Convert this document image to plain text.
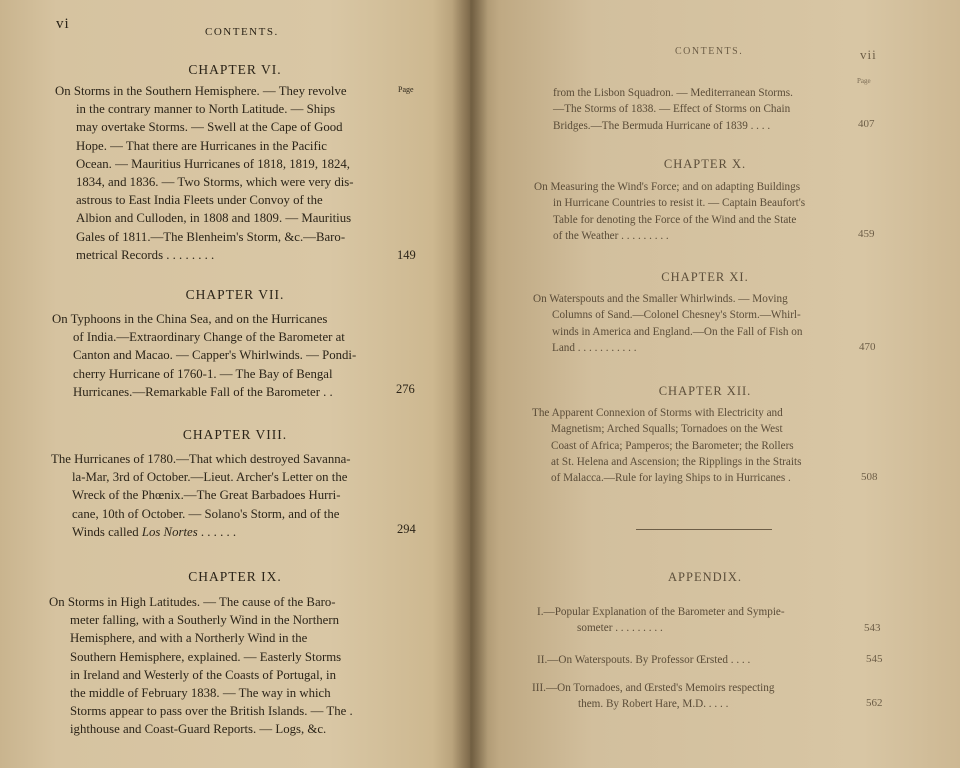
vi	CONTENTS.
Page
CHAPTER VI.
On Storms in the Southern Hemisphere. — They revolve
in the contrary manner to North Latitude. — Ships
may overtake Storms. — Swell at the Cape of Good
Hope. — That there are Hurricanes in the Pacific
Ocean. — Mauritius Hurricanes of 1818, 1819, 1824,
1834, and 1836. — Two Storms, which were very dis-
astrous to East India Fleets under Convoy of the
Albion and Culloden, in 1808 and 1809. — Mauritius
Gales of 1811.—The Blenheim's Storm, &c.—Baro-
metrical Records . . . . . . . .	149
CHAPTER VII.
On Typhoons in the China Sea, and on the Hurricanes
of India.—Extraordinary Change of the Barometer at
Canton and Macao. — Capper's Whirlwinds. — Pondi-
cherry Hurricane of 1760-1. — The Bay of Bengal
Hurricanes.—Remarkable Fall of the Barometer . .	276
CHAPTER VIII.
The Hurricanes of 1780.—That which destroyed Savanna-
la-Mar, 3rd of October.—Lieut. Archer's Letter on the
Wreck of the Phœnix.—The Great Barbadoes Hurri-
cane, 10th of October. — Solano's Storm, and of the
Winds called Los Nortes . . . . . .	294
CHAPTER IX.
On Storms in High Latitudes. — The cause of the Baro-
meter falling, with a Southerly Wind in the Northern
Hemisphere, and with a Northerly Wind in the
Southern Hemisphere, explained. — Easterly Storms
in Ireland and Westerly of the Coasts of Portugal, in
the middle of February 1838. — The way in which
Storms appear to pass over the British Islands. — The .
ighthouse and Coast-Guard Reports. — Logs, &c.
CONTENTS.	vii
Page
from the Lisbon Squadron. — Mediterranean Storms.
—The Storms of 1838. — Effect of Storms on Chain
Bridges.—The Bermuda Hurricane of 1839 . . . .	407
CHAPTER X.
On Measuring the Wind's Force; and on adapting Buildings
in Hurricane Countries to resist it. — Captain Beaufort's
Table for denoting the Force of the Wind and the State
of the Weather . . . . . . . . .	459
CHAPTER XI.
On Waterspouts and the Smaller Whirlwinds. — Moving
Columns of Sand.—Colonel Chesney's Storm.—Whirl-
winds in America and England.—On the Fall of Fish on
Land . . . . . . . . . . .	470
CHAPTER XII.
The Apparent Connexion of Storms with Electricity and
Magnetism; Arched Squalls; Tornadoes on the West
Coast of Africa; Pamperos; the Barometer; the Rollers
at St. Helena and Ascension; the Ripplings in the Straits
of Malacca.—Rule for laying Ships to in Hurricanes .	508
APPENDIX.
I.—Popular Explanation of the Barometer and Sympie-
someter . . . . . . . . .	543
II.—On Waterspouts. By Professor Œrsted . . . .	545
III.—On Tornadoes, and Œrsted's Memoirs respecting
them. By Robert Hare, M.D. . . . .	562
